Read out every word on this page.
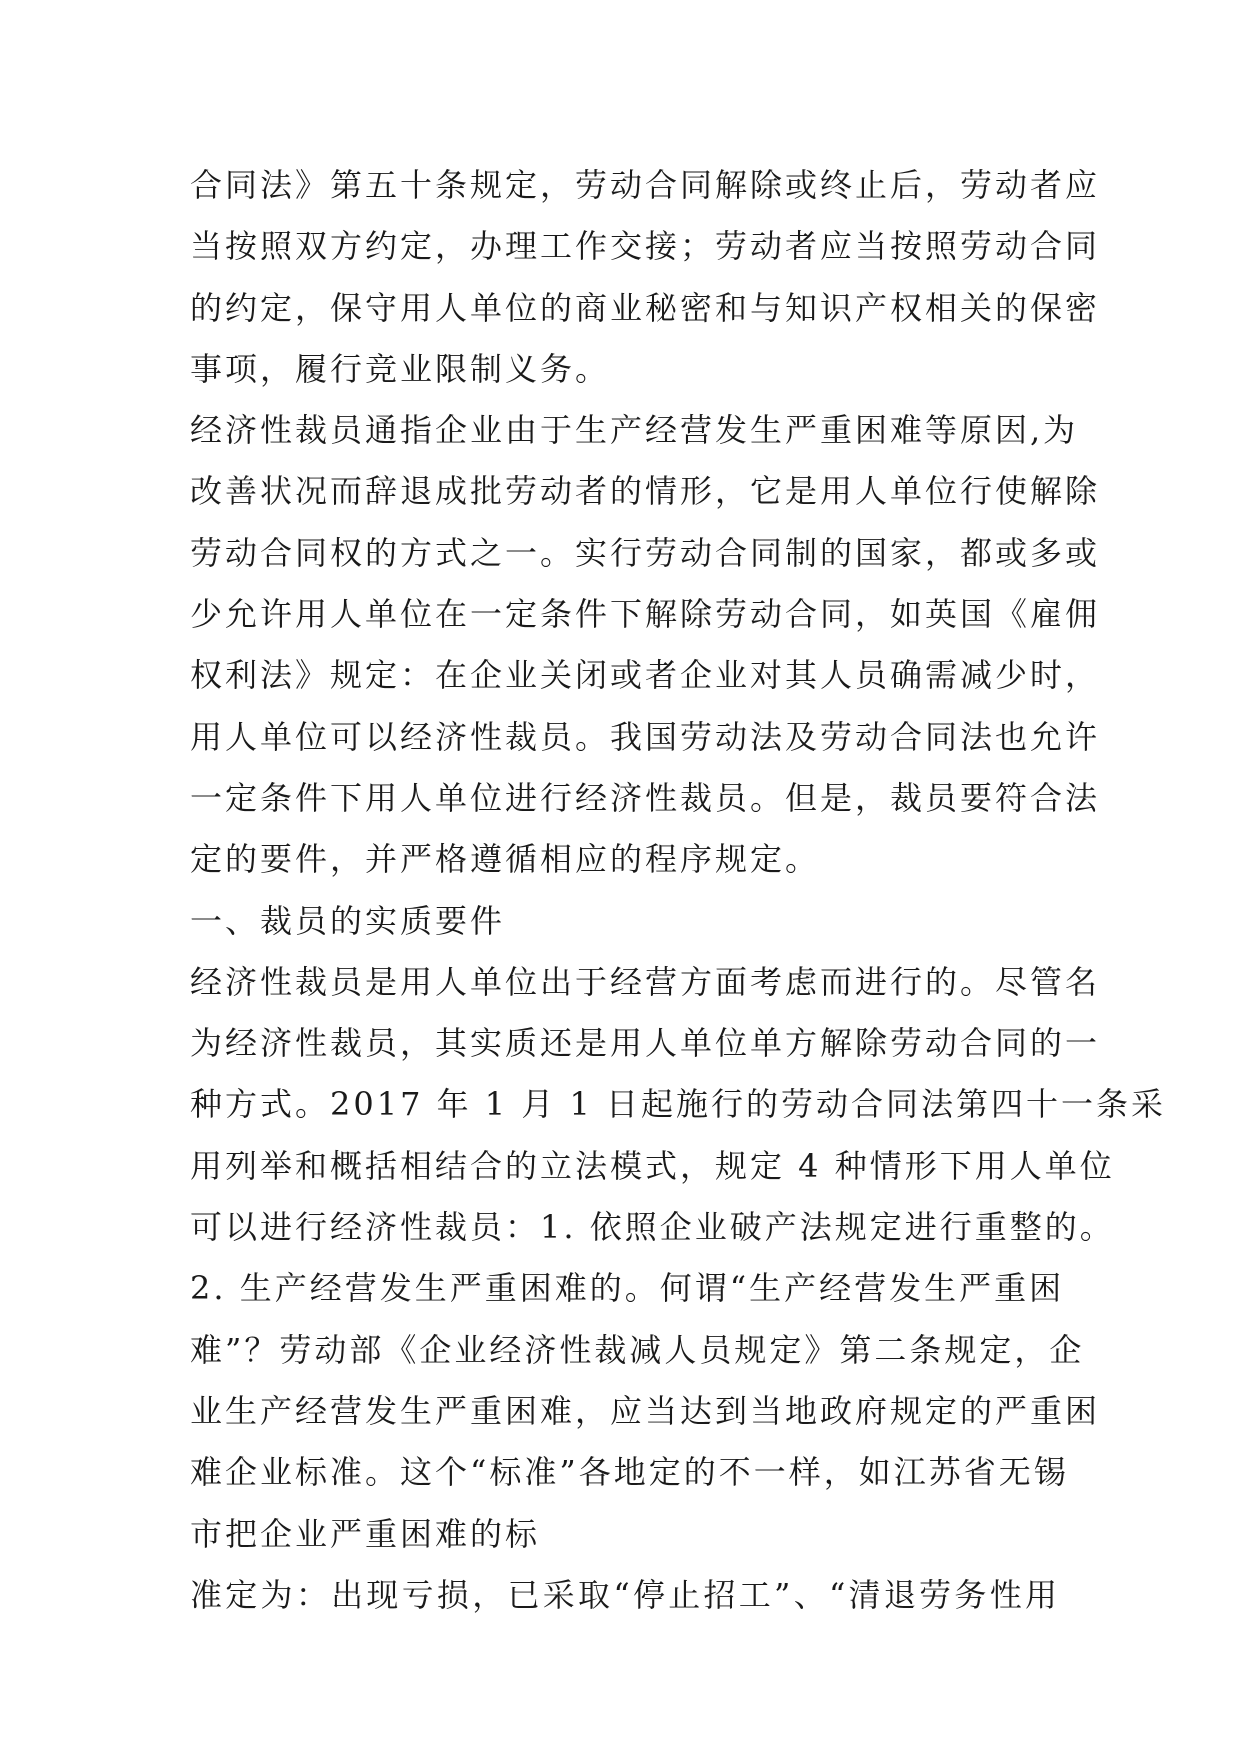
合同法》第五十条规定，劳动合同解除或终止后，劳动者应
当按照双方约定，办理工作交接；劳动者应当按照劳动合同
的约定，保守用人单位的商业秘密和与知识产权相关的保密
事项，履行竞业限制义务。
经济性裁员通指企业由于生产经营发生严重困难等原因,为
改善状况而辞退成批劳动者的情形，它是用人单位行使解除
劳动合同权的方式之一。实行劳动合同制的国家，都或多或
少允许用人单位在一定条件下解除劳动合同，如英国《雇佣
权利法》规定：在企业关闭或者企业对其人员确需减少时，
用人单位可以经济性裁员。我国劳动法及劳动合同法也允许
一定条件下用人单位进行经济性裁员。但是，裁员要符合法
定的要件，并严格遵循相应的程序规定。
一、裁员的实质要件
经济性裁员是用人单位出于经营方面考虑而进行的。尽管名
为经济性裁员，其实质还是用人单位单方解除劳动合同的一
种方式。2017 年 1 月 1 日起施行的劳动合同法第四十一条采
用列举和概括相结合的立法模式，规定 4 种情形下用人单位
可以进行经济性裁员：1. 依照企业破产法规定进行重整的。
2. 生产经营发生严重困难的。何谓“生产经营发生严重困
难”？劳动部《企业经济性裁减人员规定》第二条规定，企
业生产经营发生严重困难，应当达到当地政府规定的严重困
难企业标准。这个“标准”各地定的不一样，如江苏省无锡
市把企业严重困难的标
准定为：出现亏损，已采取“停止招工”、“清退劳务性用
